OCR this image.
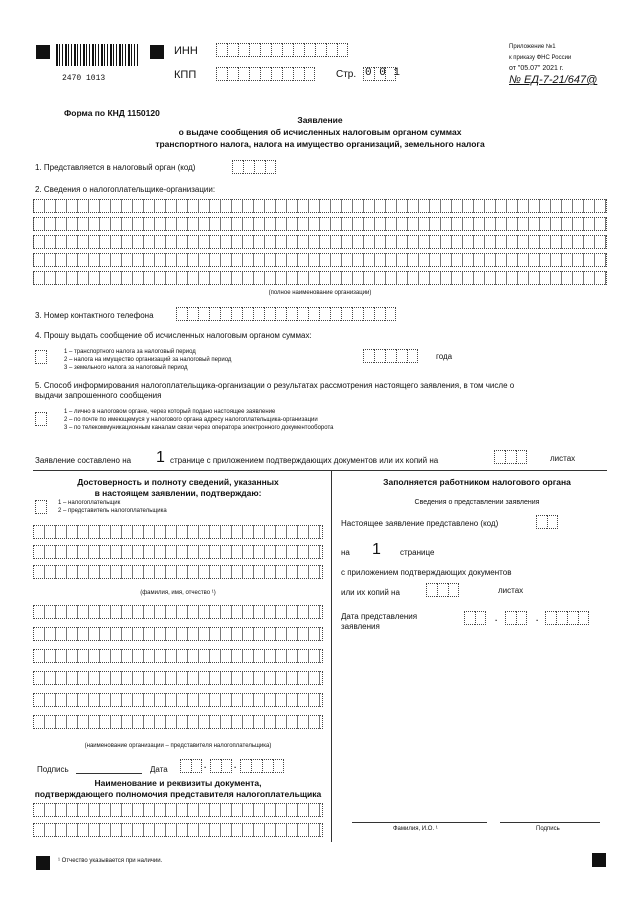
2470 1013
ИНН
КПП	Стр. 0 0 1
Приложение №1
к приказу ФНС России
от "05.07" 2021 г.
№ ЕД-7-21/647@
Форма по КНД 1150120
Заявление
о выдаче сообщения об исчисленных налоговым органом суммах
транспортного налога, налога на имущество организаций, земельного налога
1. Представляется в налоговый орган (код)
2. Сведения о налогоплательщике-организации:
(полное наименование организации)
3. Номер контактного телефона
4. Прошу выдать сообщение об исчисленных налоговым органом суммах:
1 – транспортного налога за налоговый период
2 – налога на имущество организаций за налоговый период
3 – земельного налога за налоговый период
года
5. Способ информирования налогоплательщика-организации о результатах рассмотрения настоящего заявления, в том числе о
выдачи запрошенного сообщения
1 – лично в налоговом органе, через который подано настоящее заявление
2 – по почте по имеющемуся у налогового органа адресу налогоплательщика-организации
3 – по телекоммуникационным каналам связи через оператора электронного документооборота
Заявление составлено на 1 странице с приложением подтверждающих документов или их копий на	листах
Достоверность и полноту сведений, указанных
в настоящем заявлении, подтверждаю:
1 – налогоплательщик
2 – представитель налогоплательщика
(фамилия, имя, отчество ¹)
(наименование организации – представителя налогоплательщика)
Подпись	Дата	.	.
Наименование и реквизиты документа,
подтверждающего полномочия представителя налогоплательщика
Заполняется работником налогового органа
Сведения о представлении заявления
Настоящее заявление представлено (код)
на 1 странице
с приложением подтверждающих документов
или их копий на	листах
Дата представления
заявления
.	.
Фамилия, И.О. ¹	Подпись
¹ Отчество указывается при наличии.
